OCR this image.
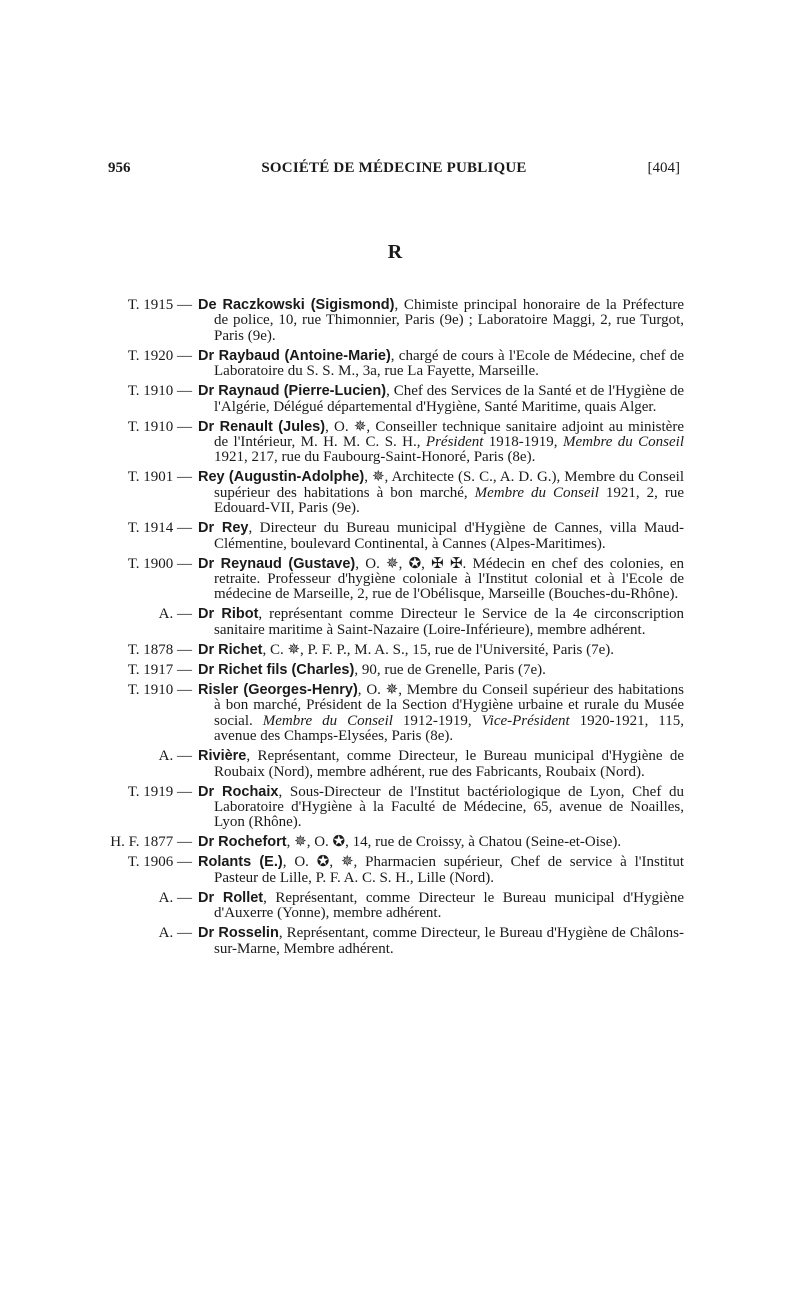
956	SOCIÉTÉ DE MÉDECINE PUBLIQUE	[404]
R
T. 1915 — De Raczkowski (Sigismond), Chimiste principal honoraire de la Préfecture de police, 10, rue Thimonnier, Paris (9e) ; Laboratoire Maggi, 2, rue Turgot, Paris (9e).
T. 1920 — Dr Raybaud (Antoine-Marie), chargé de cours à l'Ecole de Médecine, chef de Laboratoire du S. S. M., 3a, rue La Fayette, Marseille.
T. 1910 — Dr Raynaud (Pierre-Lucien), Chef des Services de la Santé et de l'Hygiène de l'Algérie, Délégué départemental d'Hygiène, Santé Maritime, quais Alger.
T. 1910 — Dr Renault (Jules), O. ✵, Conseiller technique sanitaire adjoint au ministère de l'Intérieur, M. H. M. C. S. H., Président 1918-1919, Membre du Conseil 1921, 217, rue du Faubourg-Saint-Honoré, Paris (8e).
T. 1901 — Rey (Augustin-Adolphe), ✵, Architecte (S. C., A. D. G.), Membre du Conseil supérieur des habitations à bon marché, Membre du Conseil 1921, 2, rue Edouard-VII, Paris (9e).
T. 1914 — Dr Rey, Directeur du Bureau municipal d'Hygiène de Cannes, villa Maud-Clémentine, boulevard Continental, à Cannes (Alpes-Maritimes).
T. 1900 — Dr Reynaud (Gustave), O. ✵, ✪, ✠ ✠. Médecin en chef des colonies, en retraite. Professeur d'hygiène coloniale à l'Institut colonial et à l'Ecole de médecine de Marseille, 2, rue de l'Obélisque, Marseille (Bouches-du-Rhône).
A. — Dr Ribot, représentant comme Directeur le Service de la 4e circonscription sanitaire maritime à Saint-Nazaire (Loire-Inférieure), membre adhérent.
T. 1878 — Dr Richet, C. ✵, P. F. P., M. A. S., 15, rue de l'Université, Paris (7e).
T. 1917 — Dr Richet fils (Charles), 90, rue de Grenelle, Paris (7e).
T. 1910 — Risler (Georges-Henry), O. ✵, Membre du Conseil supérieur des habitations à bon marché, Président de la Section d'Hygiène urbaine et rurale du Musée social. Membre du Conseil 1912-1919, Vice-Président 1920-1921, 115, avenue des Champs-Elysées, Paris (8e).
A. — Rivière, Représentant, comme Directeur, le Bureau municipal d'Hygiène de Roubaix (Nord), membre adhérent, rue des Fabricants, Roubaix (Nord).
T. 1919 — Dr Rochaix, Sous-Directeur de l'Institut bactériologique de Lyon, Chef du Laboratoire d'Hygiène à la Faculté de Médecine, 65, avenue de Noailles, Lyon (Rhône).
H. F. 1877 — Dr Rochefort, ✵, O. ✪, 14, rue de Croissy, à Chatou (Seine-et-Oise).
T. 1906 — Rolants (E.), O. ✪, ✵, Pharmacien supérieur, Chef de service à l'Institut Pasteur de Lille, P. F. A. C. S. H., Lille (Nord).
A. — Dr Rollet, Représentant, comme Directeur le Bureau municipal d'Hygiène d'Auxerre (Yonne), membre adhérent.
A. — Dr Rosselin, Représentant, comme Directeur, le Bureau d'Hygiène de Châlons-sur-Marne, Membre adhérent.
